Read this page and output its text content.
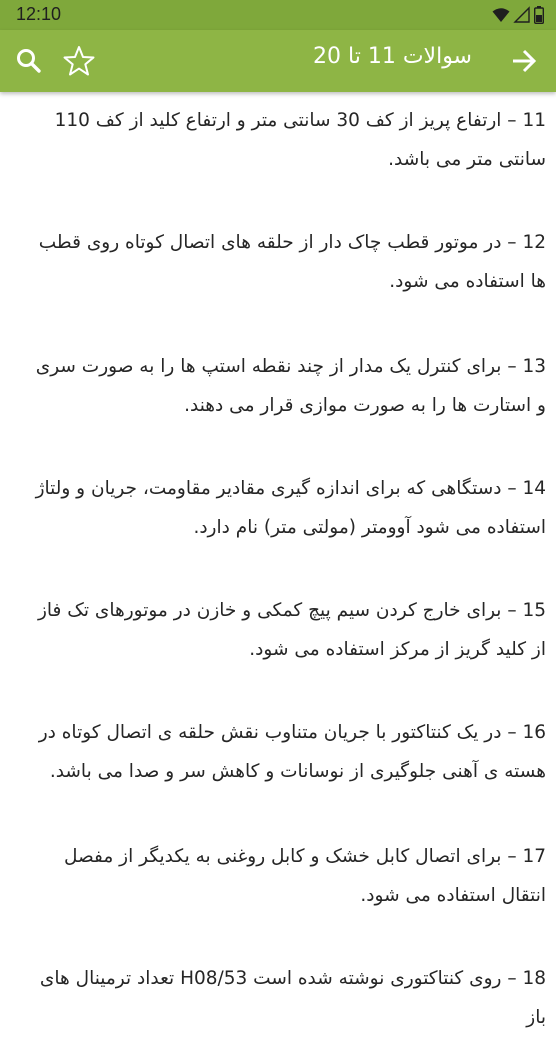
12:10
سوالات 11 تا 20
11 – ارتفاع پریز از کف 30 سانتی متر و ارتفاع کلید از کف 110 سانتی متر می باشد.
12 – در موتور قطب چاک دار از حلقه های اتصال کوتاه روی قطب ها استفاده می شود.
13 – برای کنترل یک مدار از چند نقطه استپ ها را به صورت سری و استارت ها را به صورت موازی قرار می دهند.
14 – دستگاهی که برای اندازه گیری مقادیر مقاومت، جریان و ولتاژ استفاده می شود آوومتر (مولتی متر) نام دارد.
15 – برای خارج کردن سیم پیچ کمکی و خازن در موتورهای تک فاز از کلید گریز از مرکز استفاده می شود.
16 – در یک کنتاکتور با جریان متناوب نقش حلقه ی اتصال کوتاه در هسته ی آهنی جلوگیری از نوسانات و کاهش سر و صدا می باشد.
17 – برای اتصال کابل خشک و کابل روغنی به یکدیگر از مفصل انتقال استفاده می شود.
18 – روی کنتاکتوری نوشته شده است H08/53 تعداد ترمینال های باز
